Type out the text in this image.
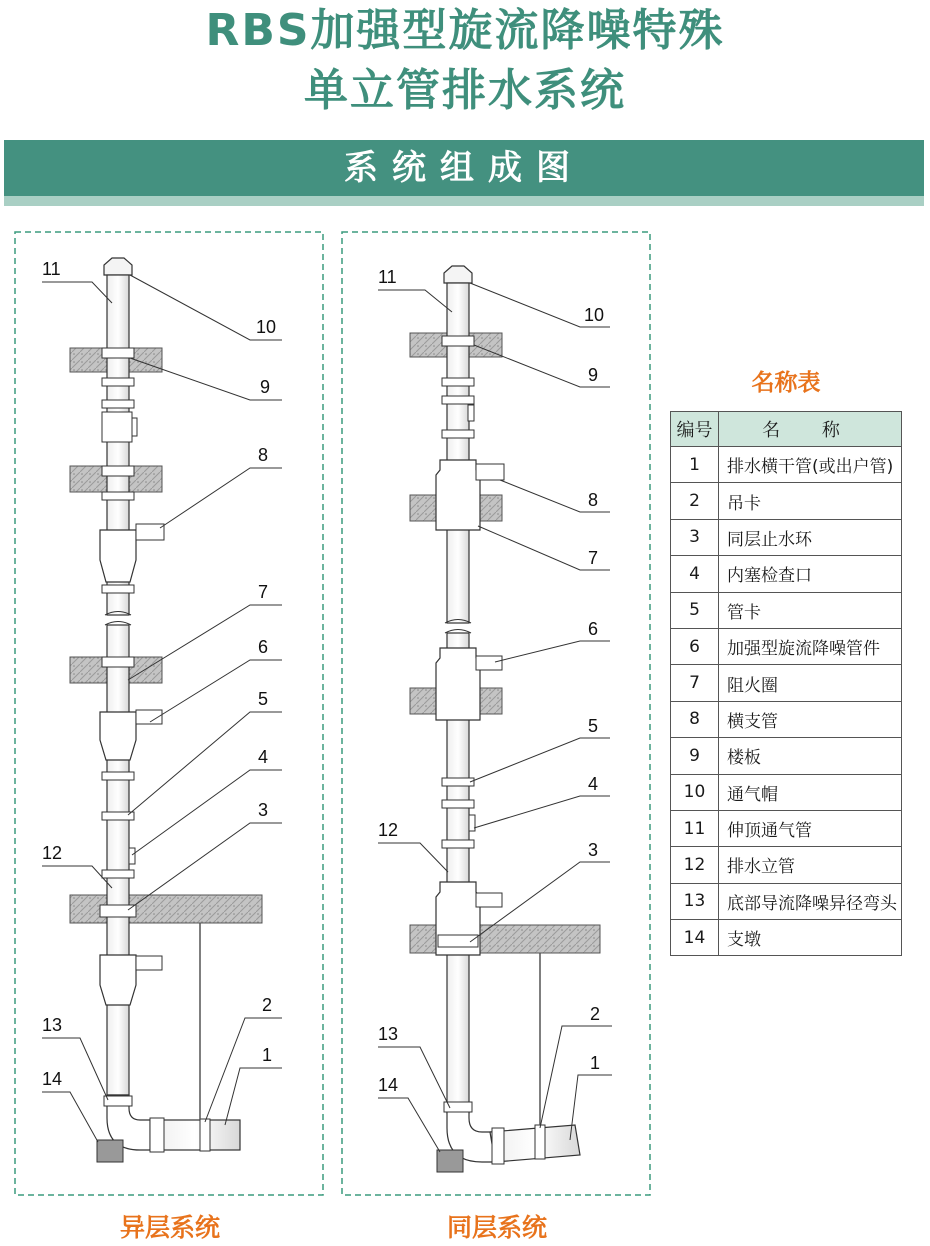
RBS加强型旋流降噪特殊
单立管排水系统
系统组成图
11
10
9
8
7
6
5
4
3
12
2
1
13
14
11
10
9
8
7
6
5
4
12
3
2
1
13
14
异层系统	同层系统
名称表
编号	名 称
1	排水横干管(或出户管)
2	吊卡
3	同层止水环
4	内塞检查口
5	管卡
6	加强型旋流降噪管件
7	阻火圈
8	横支管
9	楼板
10	通气帽
11	伸顶通气管
12	排水立管
13	底部导流降噪异径弯头
14	支墩
